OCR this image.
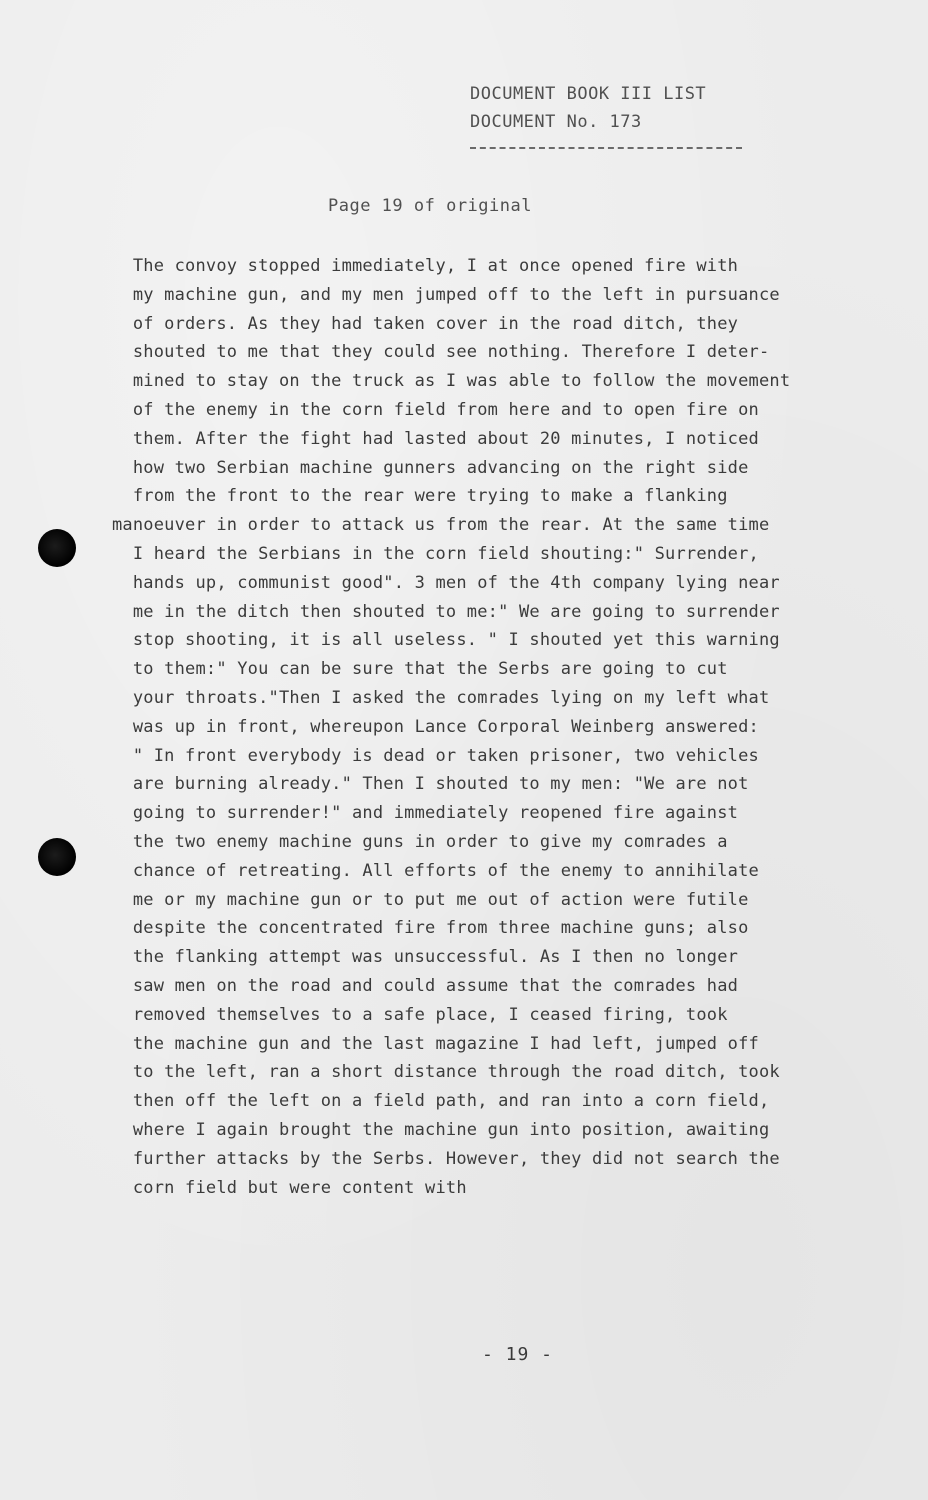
DOCUMENT BOOK III LIST
DOCUMENT No. 173
Page 19 of original
The convoy stopped immediately, I at once opened fire with
my machine gun, and my men jumped off to the left in pursuance
of orders. As they had taken cover in the road ditch, they
shouted to me that they could see nothing. Therefore I deter-
mined to stay on the truck as I was able to follow the movement
of the enemy in the corn field from here and to open fire on
them. After the fight had lasted about 20 minutes, I noticed
how two Serbian machine gunners advancing on the right side
from the front to the rear were trying to make a flanking
manoeuver in order to attack us from the rear. At the same time
I heard the Serbians in the corn field shouting:" Surrender,
hands up, communist good". 3 men of the 4th company lying near
me in the ditch then shouted to me:" We are going to surrender
stop shooting, it is all useless. " I shouted yet this warning
to them:" You can be sure that the Serbs are going to cut
your throats."Then I asked the comrades lying on my left what
was up in front, whereupon Lance Corporal Weinberg answered:
" In front everybody is dead or taken prisoner, two vehicles
are burning already." Then I shouted to my men: "We are not
going to surrender!" and immediately reopened fire against
the two enemy machine guns in order to give my comrades a
chance of retreating. All efforts of the enemy to annihilate
me or my machine gun or to put me out of action were futile
despite the concentrated fire from three machine guns; also
the flanking attempt was unsuccessful. As I then no longer
saw men on the road and could assume that the comrades had
removed themselves to a safe place, I ceased firing, took
the machine gun and the last magazine I had left, jumped off
to the left, ran a short distance through the road ditch, took
then off the left on a field path, and ran into a corn field,
where I again brought the machine gun into position, awaiting
further attacks by the Serbs. However, they did not search the
corn field but were content with
- 19 -
